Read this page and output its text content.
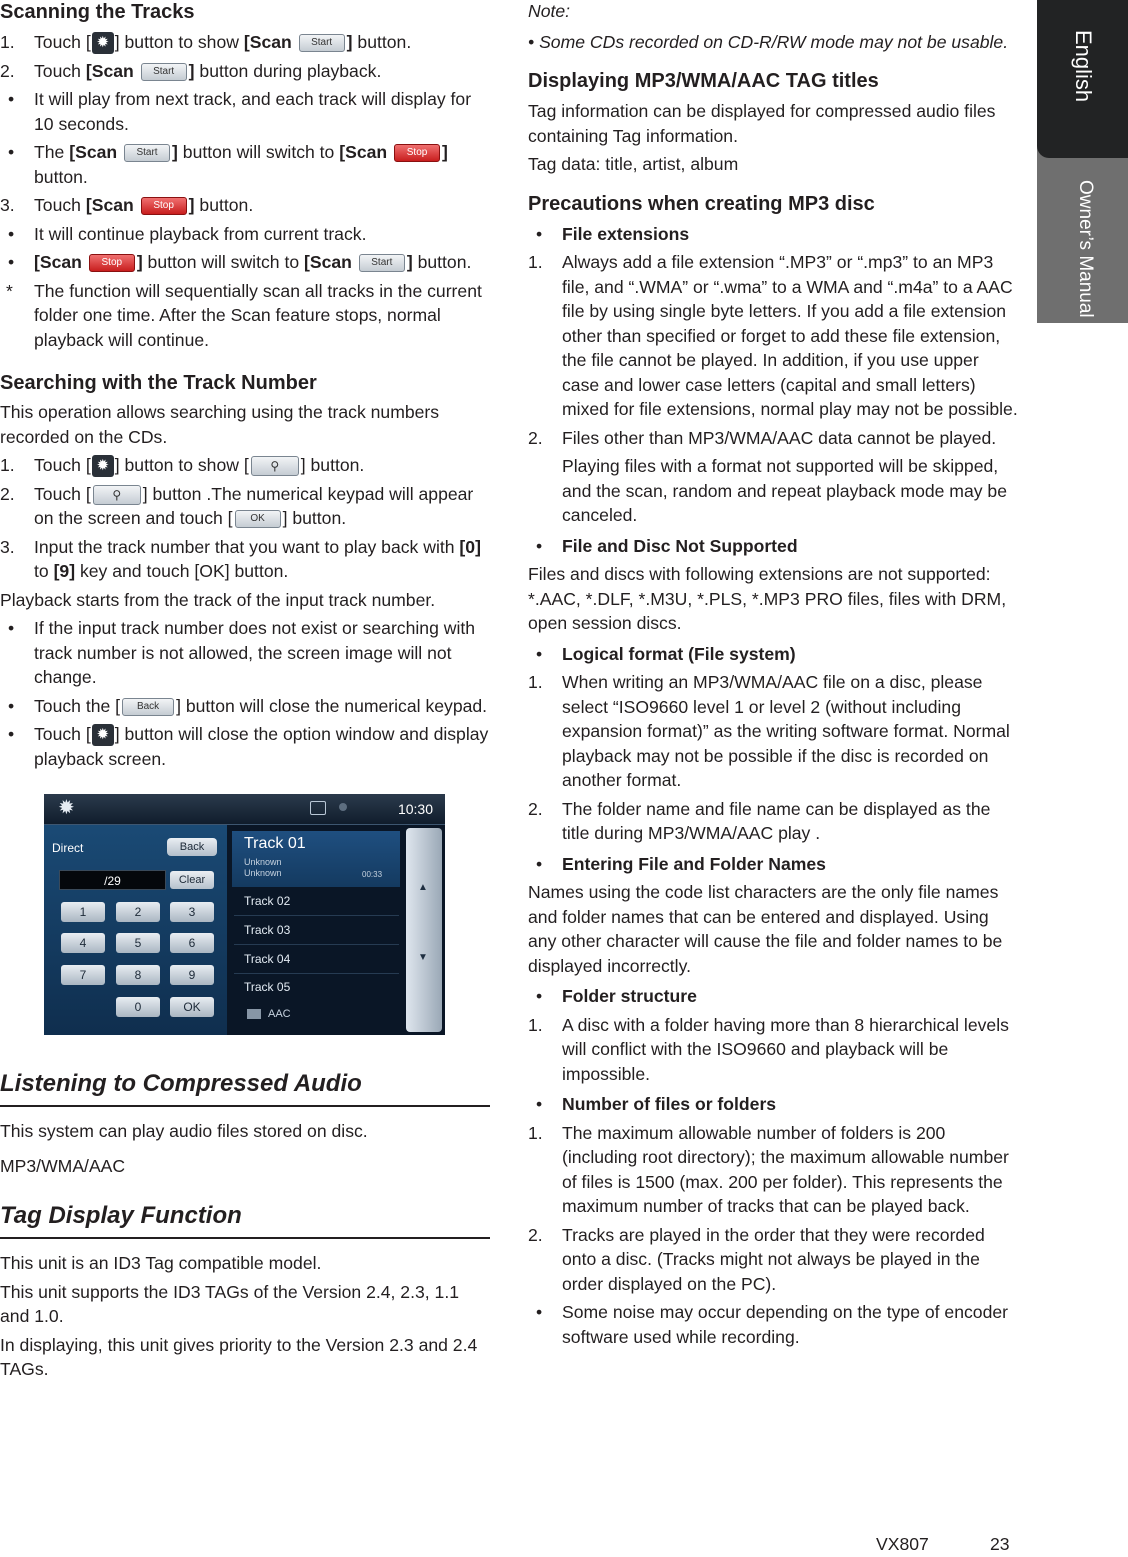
Scanning the Tracks
1.	Touch [ ✹ ] button to show [Scan Start ] button.
2.	Touch [Scan Start ] button during playback.
•	It will play from next track, and each track will display for 10 seconds.
•	The [Scan Start ] button will switch to [Scan Stop ] button.
3.	Touch [Scan Stop ] button.
•	It will continue playback from current track.
•	[Scan Stop ] button will switch to [Scan Start ] button.
*	The function will sequentially scan all tracks in the current folder one time. After the Scan feature stops, normal playback will continue.
Searching with the Track Number

This operation allows searching using the track numbers recorded on the CDs.

1.	Touch [ ✹ ] button to show [ ⚲ ] button.
2.	Touch [ ⚲ ] button .The numerical keypad will appear on the screen and touch [ OK ] button.
3.	Input the track number that you want to play back with [0] to [9] key and touch [OK] button.

Playback starts from the track of the input track number.

•	If the input track number does not exist or searching with track number is not allowed, the screen image will not change.
•	Touch the [ Back ] button will close the numerical keypad.
•	Touch [ ✹ ] button will close the option window and display playback screen.
✹	10:30
Direct	Back
/29	Clear
1	2	3
4	5	6
7	8	9
0	OK
Track 01
Unknown
Unknown	00:33
Track 02
Track 03
Track 04
Track 05
▲
▼
AAC
Listening to Compressed Audio

This system can play audio files stored on disc.

MP3/WMA/AAC

Tag Display Function

This unit is an ID3 Tag compatible model.

This unit supports the ID3 TAGs of the Version 2.4, 2.3, 1.1 and 1.0.

In displaying, this unit gives priority to the Version 2.3 and 2.4 TAGs.

Note:

• Some CDs recorded on CD-R/RW mode may not be usable.

Displaying MP3/WMA/AAC TAG titles

Tag information can be displayed for compressed audio files containing Tag information.

Tag data: title, artist, album

Precautions when creating MP3 disc
•	File extensions
1.	Always add a file extension “.MP3” or “.mp3” to an MP3 file, and “.WMA” or “.wma” to a WMA and “.m4a” to a AAC file by using single byte letters. If you add a file extension other than specified or forget to add these file extension, the file cannot be played. In addition, if you use upper case and lower case letters (capital and small letters) mixed for file extensions, normal play may not be possible.
2.	Files other than MP3/WMA/AAC data cannot be played.

Playing files with a format not supported will be skipped, and the scan, random and repeat playback mode may be canceled.

•	File and Disc Not Supported

Files and discs with following extensions are not supported: *.AAC, *.DLF, *.M3U, *.PLS, *.MP3 PRO files, files with DRM, open session discs.

•	Logical format (File system)
1.	When writing an MP3/WMA/AAC file on a disc, please select “ISO9660 level 1 or level 2 (without including expansion format)” as the writing software format. Normal playback may not be possible if the disc is recorded on another format.
2.	The folder name and file name can be displayed as the title during MP3/WMA/AAC play .
•	Entering File and Folder Names

Names using the code list characters are the only file names and folder names that can be entered and displayed. Using any other character will cause the file and folder names to be displayed incorrectly.

•	Folder structure
1.	A disc with a folder having more than 8 hierarchical levels will conflict with the ISO9660 and playback will be impossible.
•	Number of files or folders
1.	The maximum allowable number of folders is 200 (including root directory); the maximum allowable number of files is 1500 (max. 200 per folder). This represents the maximum number of tracks that can be played back.
2.	Tracks are played in the order that they were recorded onto a disc. (Tracks might not always be played in the order displayed on the PC).
•	Some noise may occur depending on the type of encoder software used while recording.
English
Owner’s Manual
VX807	23
